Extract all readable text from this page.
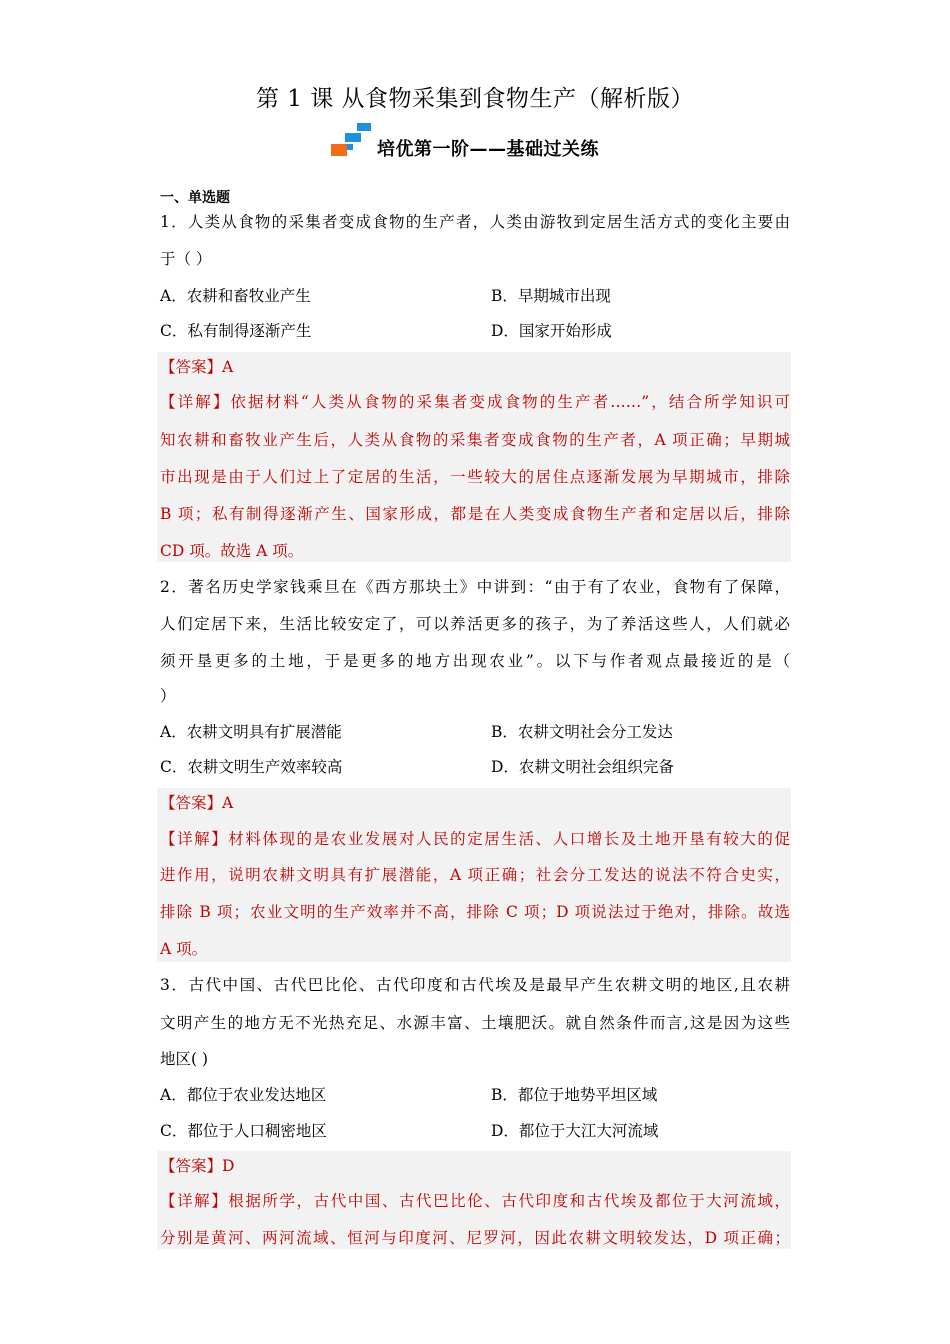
第 1 课 从食物采集到食物生产（解析版）
培优第一阶——基础过关练
一、单选题
1．人类从食物的采集者变成食物的生产者，人类由游牧到定居生活方式的变化主要由
于（ ）
A．农耕和畜牧业产生	B．早期城市出现
C．私有制得逐渐产生	D．国家开始形成
【答案】A
【详解】依据材料“人类从食物的采集者变成食物的生产者……”，结合所学知识可
知农耕和畜牧业产生后，人类从食物的采集者变成食物的生产者，A 项正确；早期城
市出现是由于人们过上了定居的生活，一些较大的居住点逐渐发展为早期城市，排除
B 项；私有制得逐渐产生、国家形成，都是在人类变成食物生产者和定居以后，排除
CD 项。故选 A 项。
2．著名历史学家钱乘旦在《西方那块土》中讲到：“由于有了农业，食物有了保障，
人们定居下来，生活比较安定了，可以养活更多的孩子，为了养活这些人，人们就必
须开垦更多的土地，于是更多的地方出现农业”。以下与作者观点最接近的是（
）
A．农耕文明具有扩展潜能	B．农耕文明社会分工发达
C．农耕文明生产效率较高	D．农耕文明社会组织完备
【答案】A
【详解】材料体现的是农业发展对人民的定居生活、人口增长及土地开垦有较大的促
进作用，说明农耕文明具有扩展潜能，A 项正确；社会分工发达的说法不符合史实，
排除 B 项；农业文明的生产效率并不高，排除 C 项；D 项说法过于绝对，排除。故选
A 项。
3．古代中国、古代巴比伦、古代印度和古代埃及是最早产生农耕文明的地区,且农耕
文明产生的地方无不光热充足、水源丰富、土壤肥沃。就自然条件而言,这是因为这些
地区( )
A．都位于农业发达地区	B．都位于地势平坦区域
C．都位于人口稠密地区	D．都位于大江大河流域
【答案】D
【详解】根据所学，古代中国、古代巴比伦、古代印度和古代埃及都位于大河流域，
分别是黄河、两河流域、恒河与印度河、尼罗河，因此农耕文明较发达，D 项正确；
